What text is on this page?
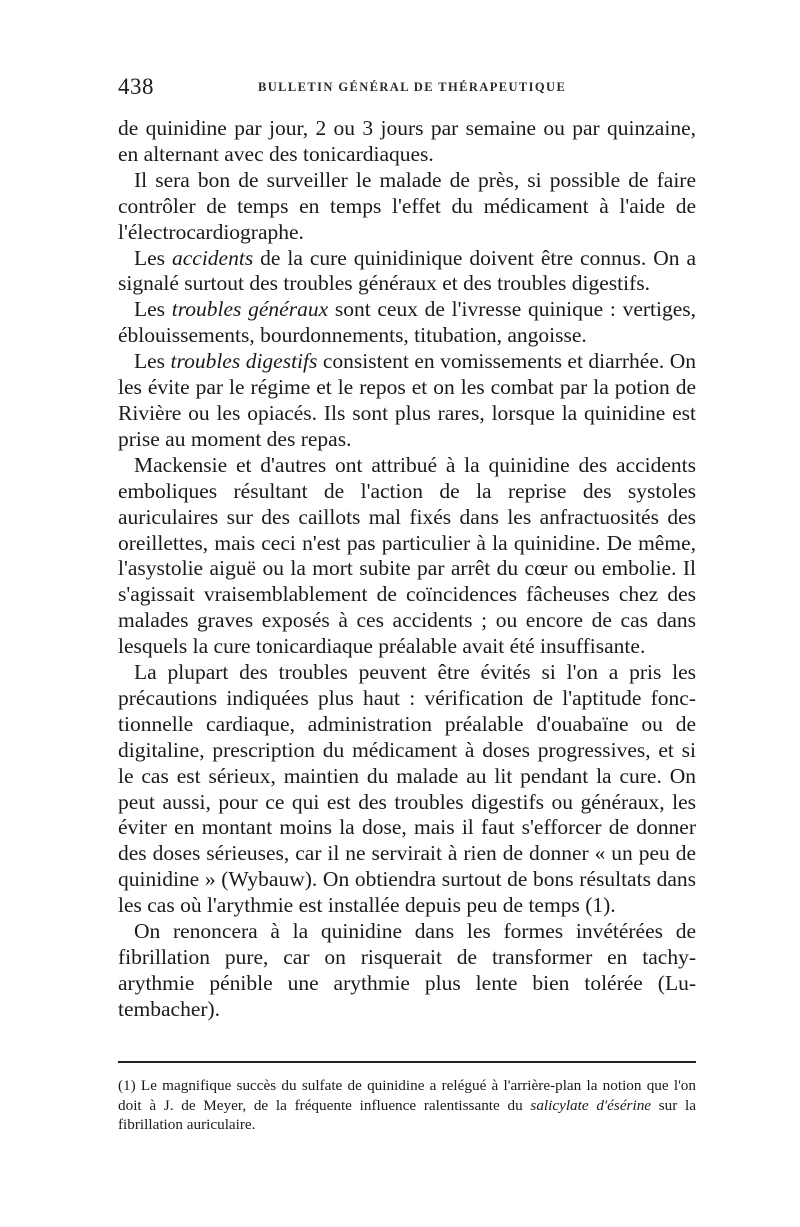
438	BULLETIN GÉNÉRAL DE THÉRAPEUTIQUE

de quinidine par jour, 2 ou 3 jours par semaine ou par quinzaine, en alternant avec des tonicardiaques.

Il sera bon de surveiller le malade de près, si possible de faire contrôler de temps en temps l'effet du médicament à l'aide de l'électrocardiographe.

Les accidents de la cure quinidinique doivent être connus. On a signalé surtout des troubles généraux et des troubles digestifs.

Les troubles généraux sont ceux de l'ivresse quinique : vertiges, éblouissements, bourdonnements, titubation, angoisse.

Les troubles digestifs consistent en vomissements et diarrhée. On les évite par le régime et le repos et on les combat par la potion de Rivière ou les opiacés. Ils sont plus rares, lorsque la quinidine est prise au moment des repas.

Mackensie et d'autres ont attribué à la quinidine des accidents emboliques résultant de l'action de la reprise des systoles auriculaires sur des caillots mal fixés dans les anfractuosités des oreillettes, mais ceci n'est pas particulier à la quinidine. De même, l'asystolie aiguë ou la mort subite par arrêt du cœur ou embolie. Il s'agissait vraisemblablement de coïncidences fâcheuses chez des malades graves exposés à ces accidents ; ou encore de cas dans lesquels la cure tonicardiaque préalable avait été insuffisante.

La plupart des troubles peuvent être évités si l'on a pris les précautions indiquées plus haut : vérification de l'aptitude fonctionnelle cardiaque, administration préalable d'ouabaïne ou de digitaline, prescription du médicament à doses progressives, et si le cas est sérieux, maintien du malade au lit pendant la cure. On peut aussi, pour ce qui est des troubles digestifs ou généraux, les éviter en montant moins la dose, mais il faut s'efforcer de donner des doses sérieuses, car il ne servirait à rien de donner « un peu de quinidine » (Wybauw). On obtiendra surtout de bons résultats dans les cas où l'arythmie est installée depuis peu de temps (1).

On renoncera à la quinidine dans les formes invétérées de fibrillation pure, car on risquerait de transformer en tachy-arythmie pénible une arythmie plus lente bien tolérée (Lutembacher).

(1) Le magnifique succès du sulfate de quinidine a relégué à l'arrière-plan la notion que l'on doit à J. de Meyer, de la fréquente influence ralentissante du salicylate d'ésérine sur la fibrillation auriculaire.
